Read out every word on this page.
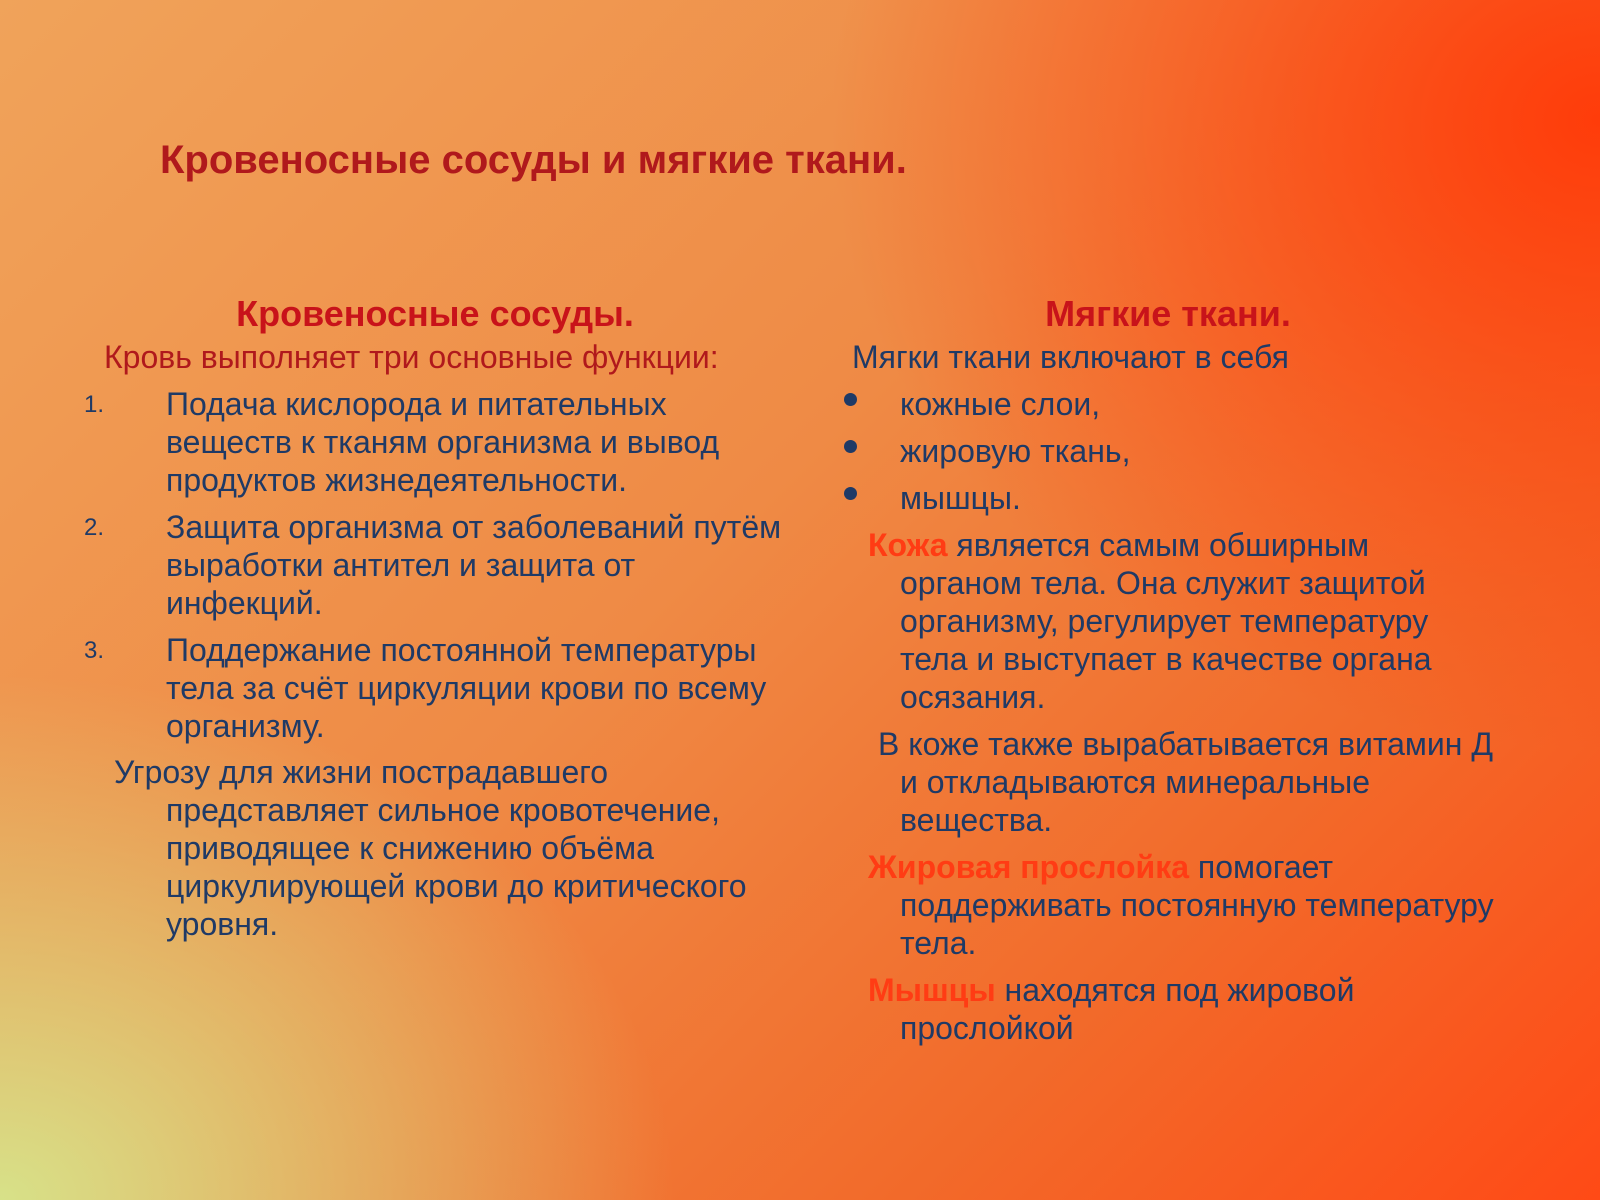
Кровеносные сосуды и мягкие ткани.
Кровеносные сосуды.
Кровь выполняет три основные функции:
1. Подача кислорода и питательных веществ к тканям организма и вывод продуктов жизнедеятельности.
2. Защита организма от заболеваний путём выработки антител и защита от инфекций.
3. Поддержание постоянной температуры тела за счёт циркуляции крови по всему организму.
Угрозу для жизни пострадавшего представляет сильное кровотечение, приводящее к снижению объёма циркулирующей крови до критического уровня.
Мягкие ткани.
Мягки ткани включают в себя
кожные слои,
жировую ткань,
мышцы.
Кожа является самым обширным органом тела. Она служит защитой организму, регулирует температуру тела и выступает в качестве органа осязания.
В коже также вырабатывается витамин Д и откладываются минеральные вещества.
Жировая прослойка помогает поддерживать постоянную температуру тела.
Мышцы находятся под жировой прослойкой
